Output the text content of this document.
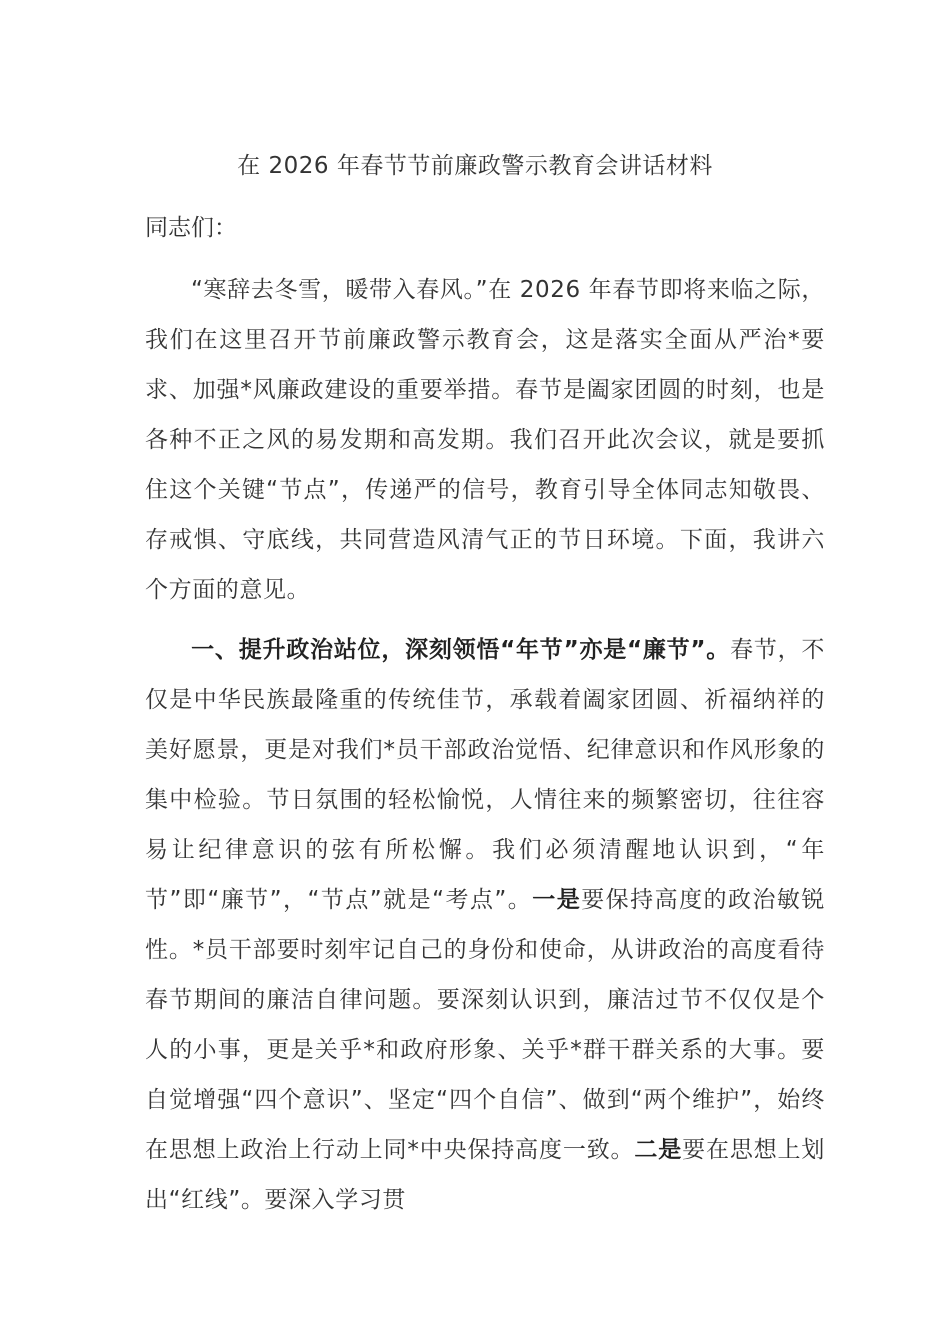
在 2026 年春节节前廉政警示教育会讲话材料
同志们：
“寒辞去冬雪，暖带入春风。”在 2026 年春节即将来临之际，我们在这里召开节前廉政警示教育会，这是落实全面从严治*要求、加强*风廉政建设的重要举措。春节是阖家团圆的时刻，也是各种不正之风的易发期和高发期。我们召开此次会议，就是要抓住这个关键“节点”，传递严的信号，教育引导全体同志知敬畏、存戒惧、守底线，共同营造风清气正的节日环境。下面，我讲六个方面的意见。
一、提升政治站位，深刻领悟“年节”亦是“廉节”。春节，不仅是中华民族最隆重的传统佳节，承载着阖家团圆、祈福纳祥的美好愿景，更是对我们*员干部政治觉悟、纪律意识和作风形象的集中检验。节日氛围的轻松愉悦，人情往来的频繁密切，往往容易让纪律意识的弦有所松懈。我们必须清醒地认识到，“年节”即“廉节”，“节点”就是“考点”。一是要保持高度的政治敏锐性。*员干部要时刻牢记自己的身份和使命，从讲政治的高度看待春节期间的廉洁自律问题。要深刻认识到，廉洁过节不仅仅是个人的小事，更是关乎*和政府形象、关乎*群干群关系的大事。要自觉增强“四个意识”、坚定“四个自信”、做到“两个维护”，始终在思想上政治上行动上同*中央保持高度一致。二是要在思想上划出“红线”。要深入学习贯
